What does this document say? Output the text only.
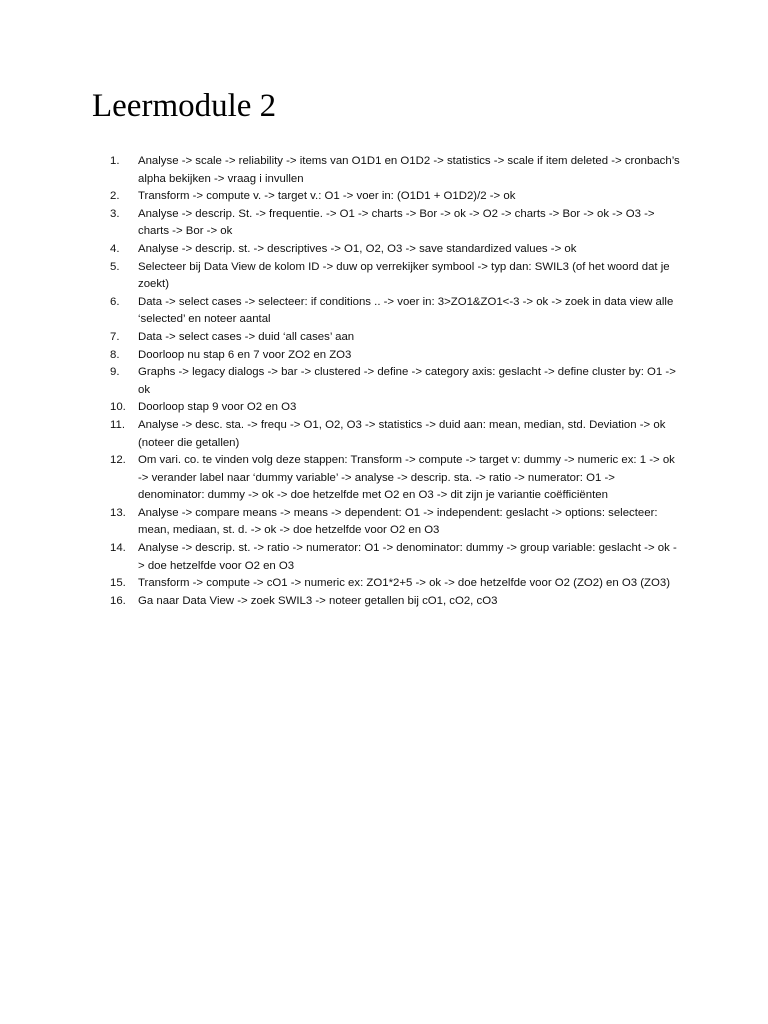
Leermodule 2
1.	Analyse -> scale -> reliability -> items van O1D1 en O1D2 -> statistics -> scale if item deleted -> cronbach’s alpha bekijken -> vraag i invullen
2.	Transform -> compute v. -> target v.: O1 -> voer in: (O1D1 + O1D2)/2 -> ok
3.	Analyse -> descrip. St. -> frequentie. -> O1 -> charts -> Bor -> ok -> O2 -> charts -> Bor -> ok -> O3 -> charts -> Bor -> ok
4.	Analyse -> descrip. st. -> descriptives -> O1, O2, O3 -> save standardized values -> ok
5.	Selecteer bij Data View de kolom ID -> duw op verrekijker symbool -> typ dan: SWIL3 (of het woord dat je zoekt)
6.	Data -> select cases -> selecteer: if conditions .. -> voer in: 3>ZO1&ZO1<-3 -> ok -> zoek in data view alle ‘selected’ en noteer aantal
7.	Data -> select cases -> duid ‘all cases’ aan
8.	Doorloop nu stap 6 en 7 voor ZO2 en ZO3
9.	Graphs -> legacy dialogs -> bar -> clustered -> define -> category axis: geslacht -> define cluster by: O1 -> ok
10.	Doorloop stap 9 voor O2 en O3
11.	Analyse -> desc. sta. -> frequ -> O1, O2, O3 -> statistics -> duid aan: mean, median, std. Deviation -> ok (noteer die getallen)
12.	Om vari. co. te vinden volg deze stappen: Transform -> compute -> target v: dummy -> numeric ex: 1 -> ok -> verander label naar ‘dummy variable’ -> analyse -> descrip. sta. -> ratio -> numerator: O1 -> denominator: dummy -> ok -> doe hetzelfde met O2 en O3 -> dit zijn je variantie coëfficiënten
13.	Analyse -> compare means -> means -> dependent: O1 -> independent: geslacht -> options: selecteer: mean, mediaan, st. d. -> ok -> doe hetzelfde voor O2 en O3
14.	Analyse -> descrip. st. -> ratio -> numerator: O1 -> denominator: dummy -> group variable: geslacht -> ok -> doe hetzelfde voor O2 en O3
15.	Transform -> compute -> cO1 -> numeric ex: ZO1*2+5 -> ok -> doe hetzelfde voor O2 (ZO2) en O3 (ZO3)
16.	Ga naar Data View -> zoek SWIL3 -> noteer getallen bij cO1, cO2, cO3
